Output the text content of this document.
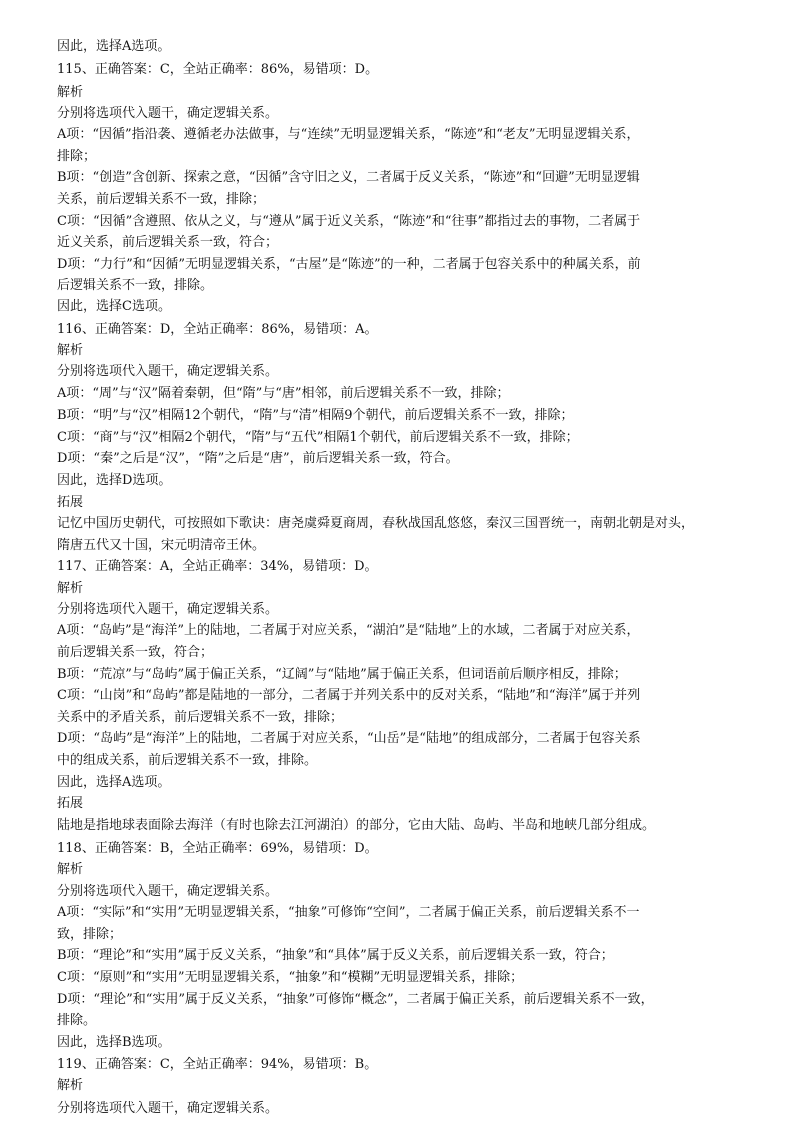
因此，选择A选项。
115、正确答案：C，全站正确率：86%，易错项：D。
解析
分别将选项代入题干，确定逻辑关系。
A项：“因循”指沿袭、遵循老办法做事，与“连续”无明显逻辑关系，“陈迹”和“老友”无明显逻辑关系，
排除；
B项：“创造”含创新、探索之意，“因循”含守旧之义，二者属于反义关系，“陈迹”和“回避”无明显逻辑
关系，前后逻辑关系不一致，排除；
C项：“因循”含遵照、依从之义，与“遵从”属于近义关系，“陈迹”和“往事”都指过去的事物，二者属于
近义关系，前后逻辑关系一致，符合；
D项：“力行”和“因循”无明显逻辑关系，“古屋”是“陈迹”的一种，二者属于包容关系中的种属关系，前
后逻辑关系不一致，排除。
因此，选择C选项。
116、正确答案：D，全站正确率：86%，易错项：A。
解析
分别将选项代入题干，确定逻辑关系。
A项：“周”与“汉”隔着秦朝，但“隋”与“唐”相邻，前后逻辑关系不一致，排除；
B项：“明”与“汉”相隔12个朝代，“隋”与“清”相隔9个朝代，前后逻辑关系不一致，排除；
C项：“商”与“汉”相隔2个朝代，“隋”与“五代”相隔1个朝代，前后逻辑关系不一致，排除；
D项：“秦”之后是“汉”，“隋”之后是“唐”，前后逻辑关系一致，符合。
因此，选择D选项。
拓展
记忆中国历史朝代，可按照如下歌诀：唐尧虞舜夏商周，春秋战国乱悠悠，秦汉三国晋统一，南朝北朝是对头，
隋唐五代又十国，宋元明清帝王休。
117、正确答案：A，全站正确率：34%，易错项：D。
解析
分别将选项代入题干，确定逻辑关系。
A项：“岛屿”是“海洋”上的陆地，二者属于对应关系，“湖泊”是“陆地”上的水域，二者属于对应关系，
前后逻辑关系一致，符合；
B项：“荒凉”与“岛屿”属于偏正关系，“辽阔”与“陆地”属于偏正关系，但词语前后顺序相反，排除；
C项：“山岗”和“岛屿”都是陆地的一部分，二者属于并列关系中的反对关系，“陆地”和“海洋”属于并列
关系中的矛盾关系，前后逻辑关系不一致，排除；
D项：“岛屿”是“海洋”上的陆地，二者属于对应关系，“山岳”是“陆地”的组成部分，二者属于包容关系
中的组成关系，前后逻辑关系不一致，排除。
因此，选择A选项。
拓展
陆地是指地球表面除去海洋（有时也除去江河湖泊）的部分，它由大陆、岛屿、半岛和地峡几部分组成。
118、正确答案：B，全站正确率：69%，易错项：D。
解析
分别将选项代入题干，确定逻辑关系。
A项：“实际”和“实用”无明显逻辑关系，“抽象”可修饰“空间”，二者属于偏正关系，前后逻辑关系不一
致，排除；
B项：“理论”和“实用”属于反义关系，“抽象”和“具体”属于反义关系，前后逻辑关系一致，符合；
C项：“原则”和“实用”无明显逻辑关系，“抽象”和“模糊”无明显逻辑关系，排除；
D项：“理论”和“实用”属于反义关系，“抽象”可修饰“概念”，二者属于偏正关系，前后逻辑关系不一致，
排除。
因此，选择B选项。
119、正确答案：C，全站正确率：94%，易错项：B。
解析
分别将选项代入题干，确定逻辑关系。
